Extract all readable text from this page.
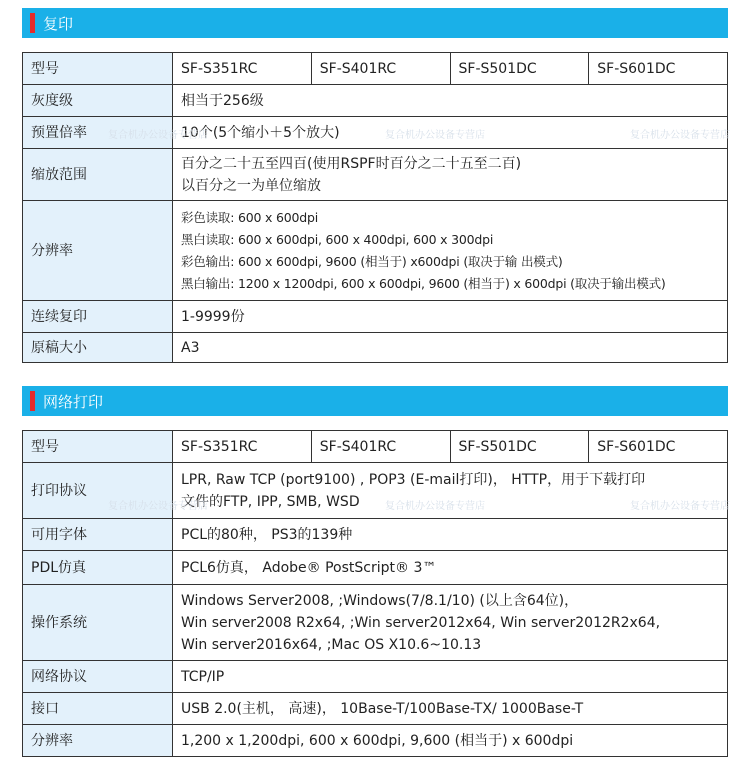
复印
型号	SF-S351RC	SF-S401RC	SF-S501DC	SF-S601DC
灰度级	相当于256级			
预置倍率	10个(5个缩小＋5个放大)			
缩放范围	百分之二十五至四百(使用RSPF时百分之二十五至二百)
以百分之一为单位缩放			

分辨率	彩色读取: 600 x 600dpi
黑白读取: 600 x 600dpi, 600 x 400dpi, 600 x 300dpi
彩色输出: 600 x 600dpi, 9600 (相当于) x600dpi (取决于输 出模式)
黑白输出: 1200 x 1200dpi, 600 x 600dpi, 9600 (相当于) x 600dpi (取决于输出模式)			

连续复印	1-9999份			
原稿大小	A3			
网络打印
型号	SF-S351RC	SF-S401RC	SF-S501DC	SF-S601DC
打印协议	LPR, Raw TCP (port9100) , POP3 (E-mail打印)， HTTP，用于下载打印
文件的FTP, IPP, SMB, WSD			

可用字体	PCL的80种， PS3的139种			
PDL仿真	PCL6仿真， Adobe® PostScript® 3™			
操作系统	Windows Server2008, ;Windows(7/8.1/10) (以上含64位)，
Win server2008 R2x64, ;Win server2012x64, Win server2012R2x64,
Win server2016x64, ;Mac OS X10.6~10.13			

网络协议	TCP/IP			
接口	USB 2.0(主机， 高速)， 10Base-T/100Base-TX/ 1000Base-T			
分辨率	1,200 x 1,200dpi, 600 x 600dpi, 9,600 (相当于) x 600dpi			
复合机办公设备专营店	复合机办公设备专营店	复合机办公设备专营店
复合机办公设备专营店	复合机办公设备专营店	复合机办公设备专营店
